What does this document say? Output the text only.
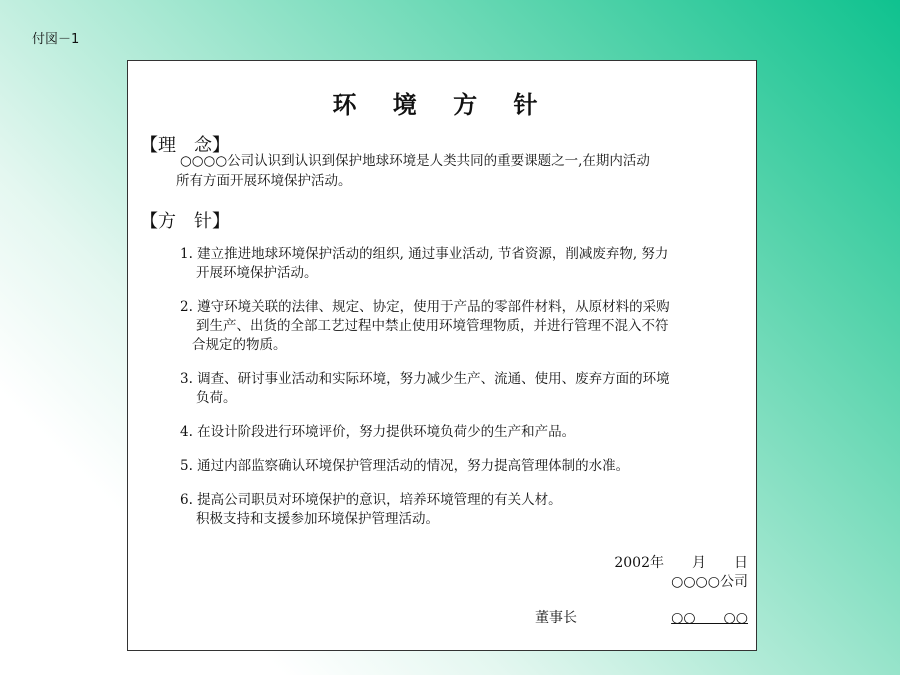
付図－1
环 境 方 针
【理　念】
○○○○公司认识到认识到保护地球环境是人类共同的重要课题之一,在期内活动
所有方面开展环境保护活动。
【方　针】
1. 建立推进地球环境保护活动的组织, 通过事业活动, 节省资源，削减废弃物, 努力
开展环境保护活动。
2. 遵守环境关联的法律、规定、协定，使用于产品的零部件材料，从原材料的采购
到生产、出货的全部工艺过程中禁止使用环境管理物质，并进行管理不混入不符
合规定的物质。
3. 调查、研讨事业活动和实际环境，努力减少生产、流通、使用、废弃方面的环境
负荷。
4. 在设计阶段进行环境评价，努力提供环境负荷少的生产和产品。
5. 通过内部监察确认环境保护管理活动的情况，努力提高管理体制的水准。
6. 提高公司职员对环境保护的意识，培养环境管理的有关人材。
积极支持和支援参加环境保护管理活动。
2002年　　月　　日
○○○○公司
董事长	○○　　○○
